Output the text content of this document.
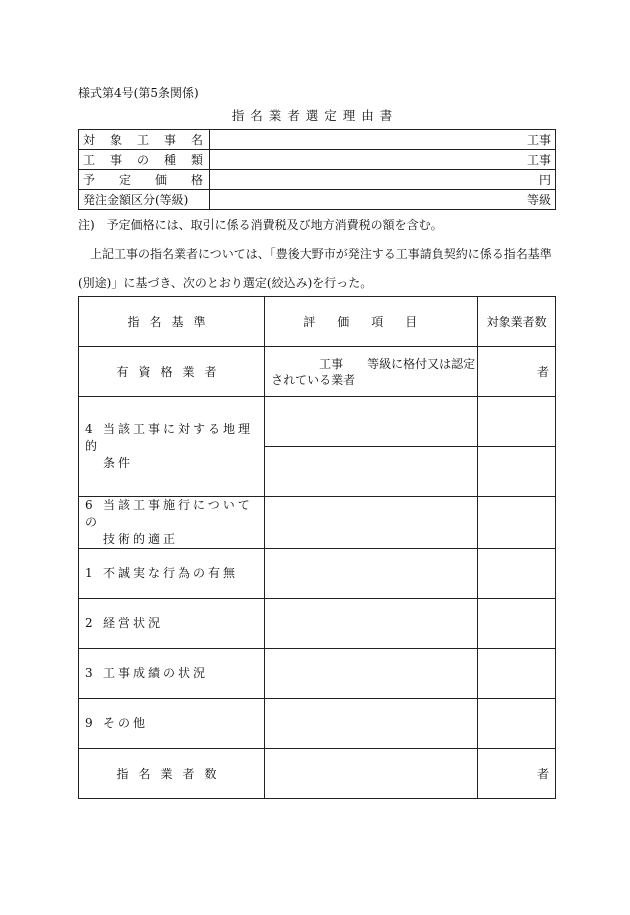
様式第4号(第5条関係)
指名業者選定理由書
対 象 工 事 名	工事

工 事 の 種 類	工事

予 定 価 格	円
発注金額区分(等級)	等級
注)　予定価格には、取引に係る消費税及び地方消費税の額を含む。
上記工事の指名業者については、「豊後大野市が発注する工事請負契約に係る指名基準(別途)」に基づき、次のとおり選定(絞込み)を行った。
指名基準	評価項目	対象業者数
有資格業者	工事　　等級に格付又は認定
されている業者	者
4 当該工事に対する地理的
条件		

6 当該工事施行についての
技術的適正		

1 不誠実な行為の有無		
2 経営状況		
3 工事成績の状況		
9 その他		
指名業者数		者
